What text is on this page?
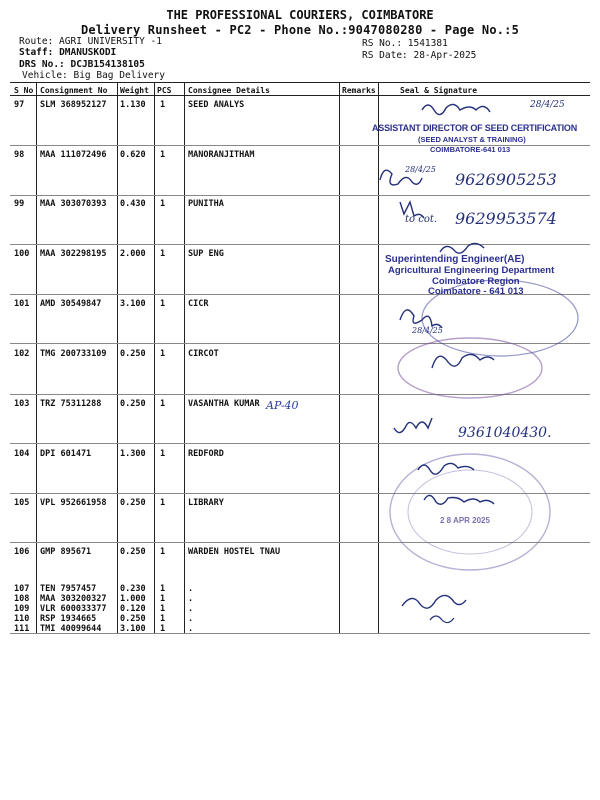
THE PROFESSIONAL COURIERS, COIMBATORE
Delivery Runsheet - PC2 - Phone No.:9047080280 - Page No.:5
Route: AGRI UNIVERSITY -1
Staff: DMANUSKODI
DRS No.: DCJB154138105
Vehicle: Big Bag Delivery
RS No.: 1541381
RS Date: 28-Apr-2025
S No Consignment No Weight PCS Consignee Details	Remarks	Seal & Signature
97 SLM 368952127 1.130 1	SEED ANALYS
98 MAA 111072496 0.620 1	MANORANJITHAM
99 MAA 303070393 0.430 1	PUNITHA
100 MAA 302298195 2.000 1	SUP ENG
101 AMD 30549847 3.100 1	CICR
102 TMG 200733109 0.250 1	CIRCOT
103 TRZ 75311288 0.250 1	VASANTHA KUMAR
104 DPI 601471	1.300 1	REDFORD
105 VPL 952661958 0.250 1	LIBRARY
106 GMP 895671	0.250 1	WARDEN HOSTEL TNAU
107 TEN 7957457	0.230 1	.
108 MAA 303200327 1.000 1	.
109 VLR 600033377 0.120 1	.
110 RSP 1934665	0.250 1	.
111 TMI 40099644 3.100 1	.
ASSISTANT DIRECTOR OF SEED CERTIFICATION
(SEED ANALYST & TRAINING)
COIMBATORE-641 013
28/4/25
28/4/25
9626905253
to cot. 9629953574
Superintending Engineer(AE)
Agricultural Engineering Department
Coimbatore Region
Coimbatore - 641 013
28/4/25
AP-40
9361040430.
2 8 APR 2025
